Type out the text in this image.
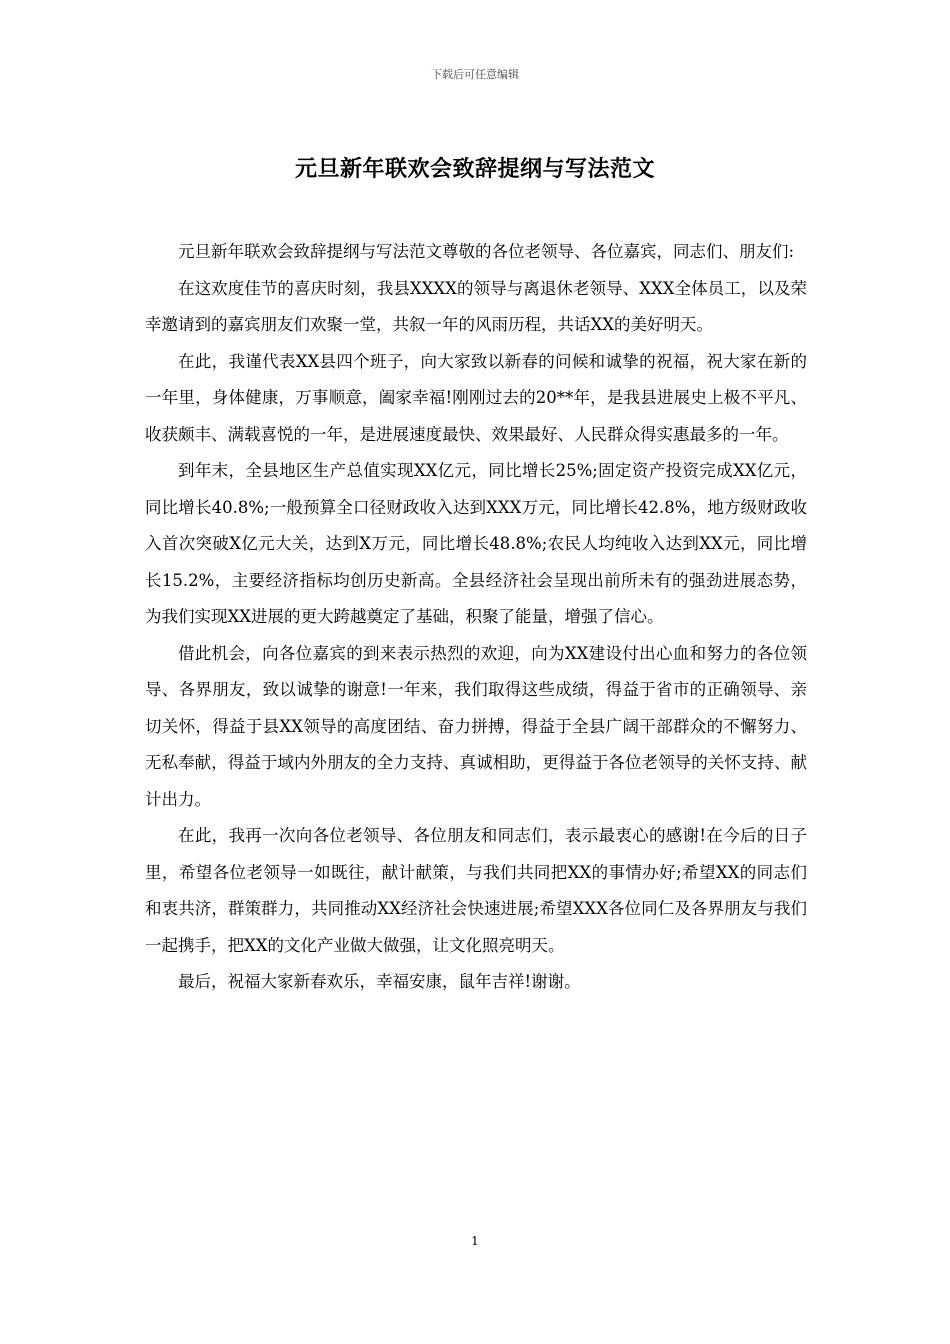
下载后可任意编辑
元旦新年联欢会致辞提纲与写法范文

元旦新年联欢会致辞提纲与写法范文尊敬的各位老领导、各位嘉宾，同志们、朋友们:

在这欢度佳节的喜庆时刻，我县XXXX的领导与离退休老领导、XXX全体员工，以及荣幸邀请到的嘉宾朋友们欢聚一堂，共叙一年的风雨历程，共话XX的美好明天。

在此，我谨代表XX县四个班子，向大家致以新春的问候和诚挚的祝福，祝大家在新的一年里，身体健康，万事顺意，阖家幸福!刚刚过去的20**年，是我县进展史上极不平凡、收获颇丰、满载喜悦的一年，是进展速度最快、效果最好、人民群众得实惠最多的一年。

到年末，全县地区生产总值实现XX亿元，同比增长25%;固定资产投资完成XX亿元，同比增长40.8%;一般预算全口径财政收入达到XXX万元，同比增长42.8%，地方级财政收入首次突破X亿元大关，达到X万元，同比增长48.8%;农民人均纯收入达到XX元，同比增长15.2%，主要经济指标均创历史新高。全县经济社会呈现出前所未有的强劲进展态势，为我们实现XX进展的更大跨越奠定了基础，积聚了能量，增强了信心。

借此机会，向各位嘉宾的到来表示热烈的欢迎，向为XX建设付出心血和努力的各位领导、各界朋友，致以诚挚的谢意!一年来，我们取得这些成绩，得益于省市的正确领导、亲切关怀，得益于县XX领导的高度团结、奋力拼搏，得益于全县广阔干部群众的不懈努力、无私奉献，得益于域内外朋友的全力支持、真诚相助，更得益于各位老领导的关怀支持、献计出力。

在此，我再一次向各位老领导、各位朋友和同志们，表示最衷心的感谢!在今后的日子里，希望各位老领导一如既往，献计献策，与我们共同把XX的事情办好;希望XX的同志们和衷共济，群策群力，共同推动XX经济社会快速进展;希望XXX各位同仁及各界朋友与我们一起携手，把XX的文化产业做大做强，让文化照亮明天。

最后，祝福大家新春欢乐，幸福安康，鼠年吉祥!谢谢。

1
